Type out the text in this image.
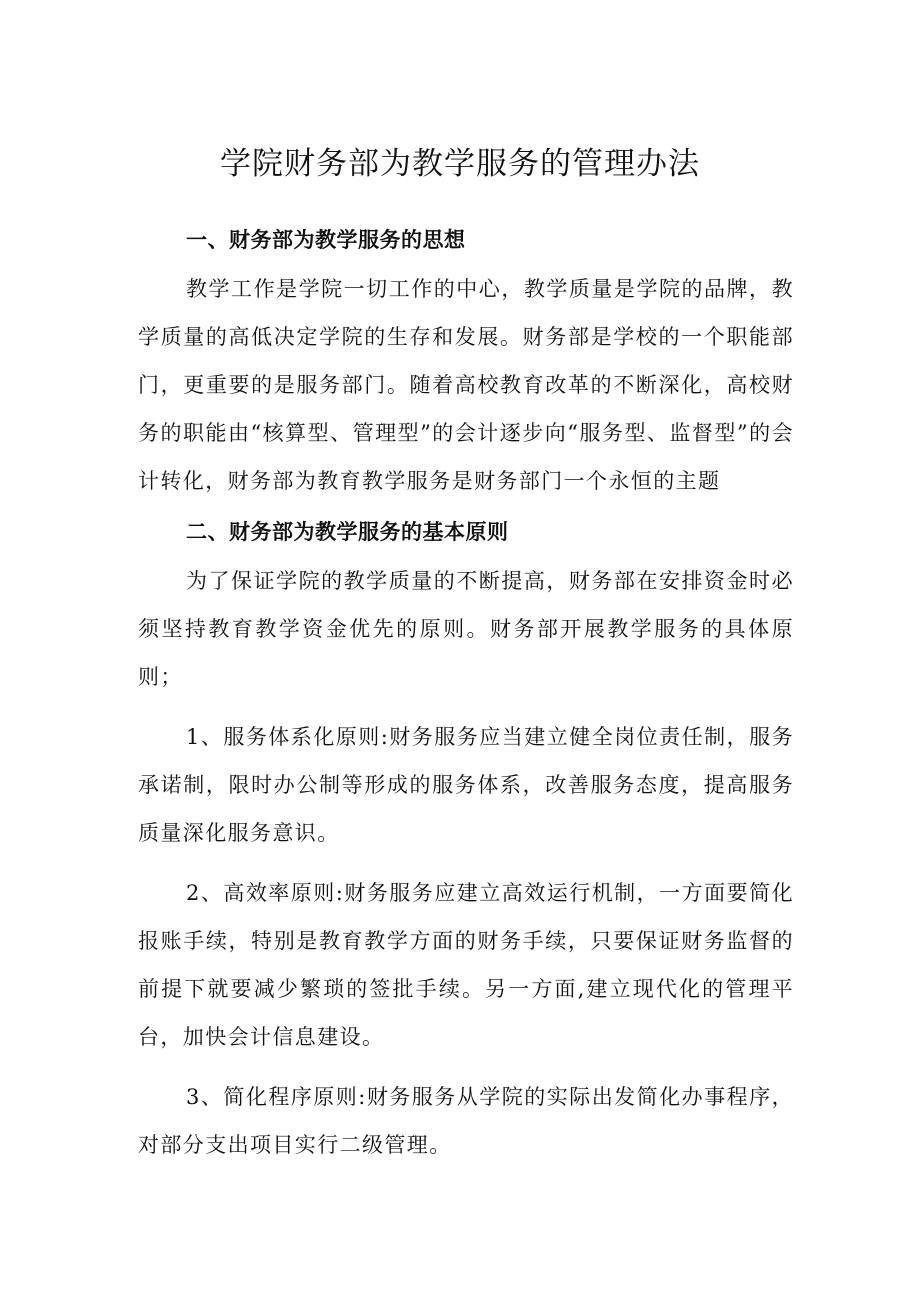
学院财务部为教学服务的管理办法
一、财务部为教学服务的思想

教学工作是学院一切工作的中心，教学质量是学院的品牌，教学质量的高低决定学院的生存和发展。财务部是学校的一个职能部门，更重要的是服务部门。随着高校教育改革的不断深化，高校财务的职能由“核算型、管理型”的会计逐步向“服务型、监督型”的会计转化，财务部为教育教学服务是财务部门一个永恒的主题

二、财务部为教学服务的基本原则

为了保证学院的教学质量的不断提高，财务部在安排资金时必须坚持教育教学资金优先的原则。财务部开展教学服务的具体原则；

1、服务体系化原则:财务服务应当建立健全岗位责任制，服务承诺制，限时办公制等形成的服务体系，改善服务态度，提高服务质量深化服务意识。

2、高效率原则:财务服务应建立高效运行机制，一方面要简化报账手续，特别是教育教学方面的财务手续，只要保证财务监督的前提下就要减少繁琐的签批手续。另一方面,建立现代化的管理平台，加快会计信息建设。

3、简化程序原则:财务服务从学院的实际出发简化办事程序，对部分支出项目实行二级管理。
